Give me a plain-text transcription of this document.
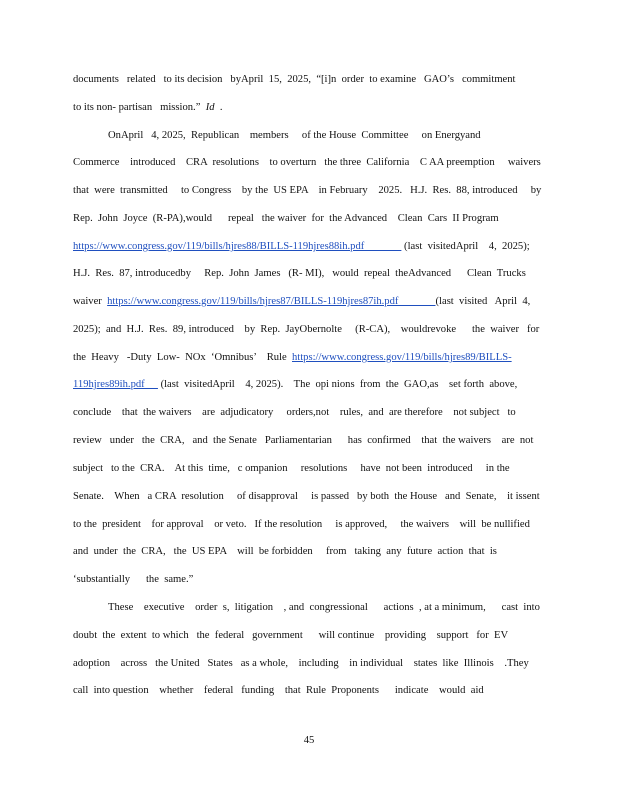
documents   related   to its decision   byApril  15,  2025,  “[i]n  order  to examine   GAO’s   commitment
to its non- partisan   mission.”  Id  .
OnApril   4, 2025,  Republican    members     of the House  Committee     on Energyand
Commerce    introduced    CRA  resolutions    to overturn   the three  California    C AA preemption     waivers
that  were  transmitted     to Congress    by the  US EPA    in February    2025.   H.J.  Res.  88, introduced     by
Rep.  John  Joyce  (R-PA),would      repeal   the waiver  for  the Advanced    Clean  Cars  II Program
https://www.congress.gov/119/bills/hjres88/BILLS-119hjres88ih.pdf               (last  visitedApril    4,  2025);
H.J.  Res.  87, introducedby     Rep.  John  James   (R- MI),   would  repeal  theAdvanced      Clean  Trucks
waiver  https://www.congress.gov/119/bills/hjres87/BILLS-119hjres87ih.pdf              (last  visited   April  4,
2025);  and  H.J.  Res.  89, introduced    by  Rep.  JayObernolte     (R-CA),    wouldrevoke      the  waiver   for
the  Heavy   -Duty  Low-  NOx  ‘Omnibus’    Rule  https://www.congress.gov/119/bills/hjres89/BILLS-
119hjres89ih.pdf      (last  visitedApril    4, 2025).    The  opi nions  from  the  GAO,as    set forth  above,
conclude    that  the waivers    are  adjudicatory     orders,not    rules,  and  are therefore    not subject   to
review   under   the  CRA,   and  the Senate   Parliamentarian      has  confirmed    that  the waivers    are  not
subject   to the  CRA.    At this  time,   c ompanion     resolutions     have  not been  introduced     in the
Senate.    When   a CRA  resolution     of disapproval     is passed   by both  the House   and  Senate,    it issent
to the  president    for approval    or veto.   If the resolution     is approved,     the waivers    will  be nullified
and  under  the  CRA,   the  US EPA    will  be forbidden     from   taking  any  future  action  that  is
‘substantially      the  same.”
These    executive    order  s,  litigation    , and  congressional      actions  , at a minimum,      cast  into
doubt  the  extent  to which   the  federal   government      will continue    providing    support   for  EV
adoption    across   the United   States   as a whole,    including    in individual    states  like  Illinois    .They
call  into question    whether    federal   funding    that  Rule  Proponents      indicate    would  aid
45
